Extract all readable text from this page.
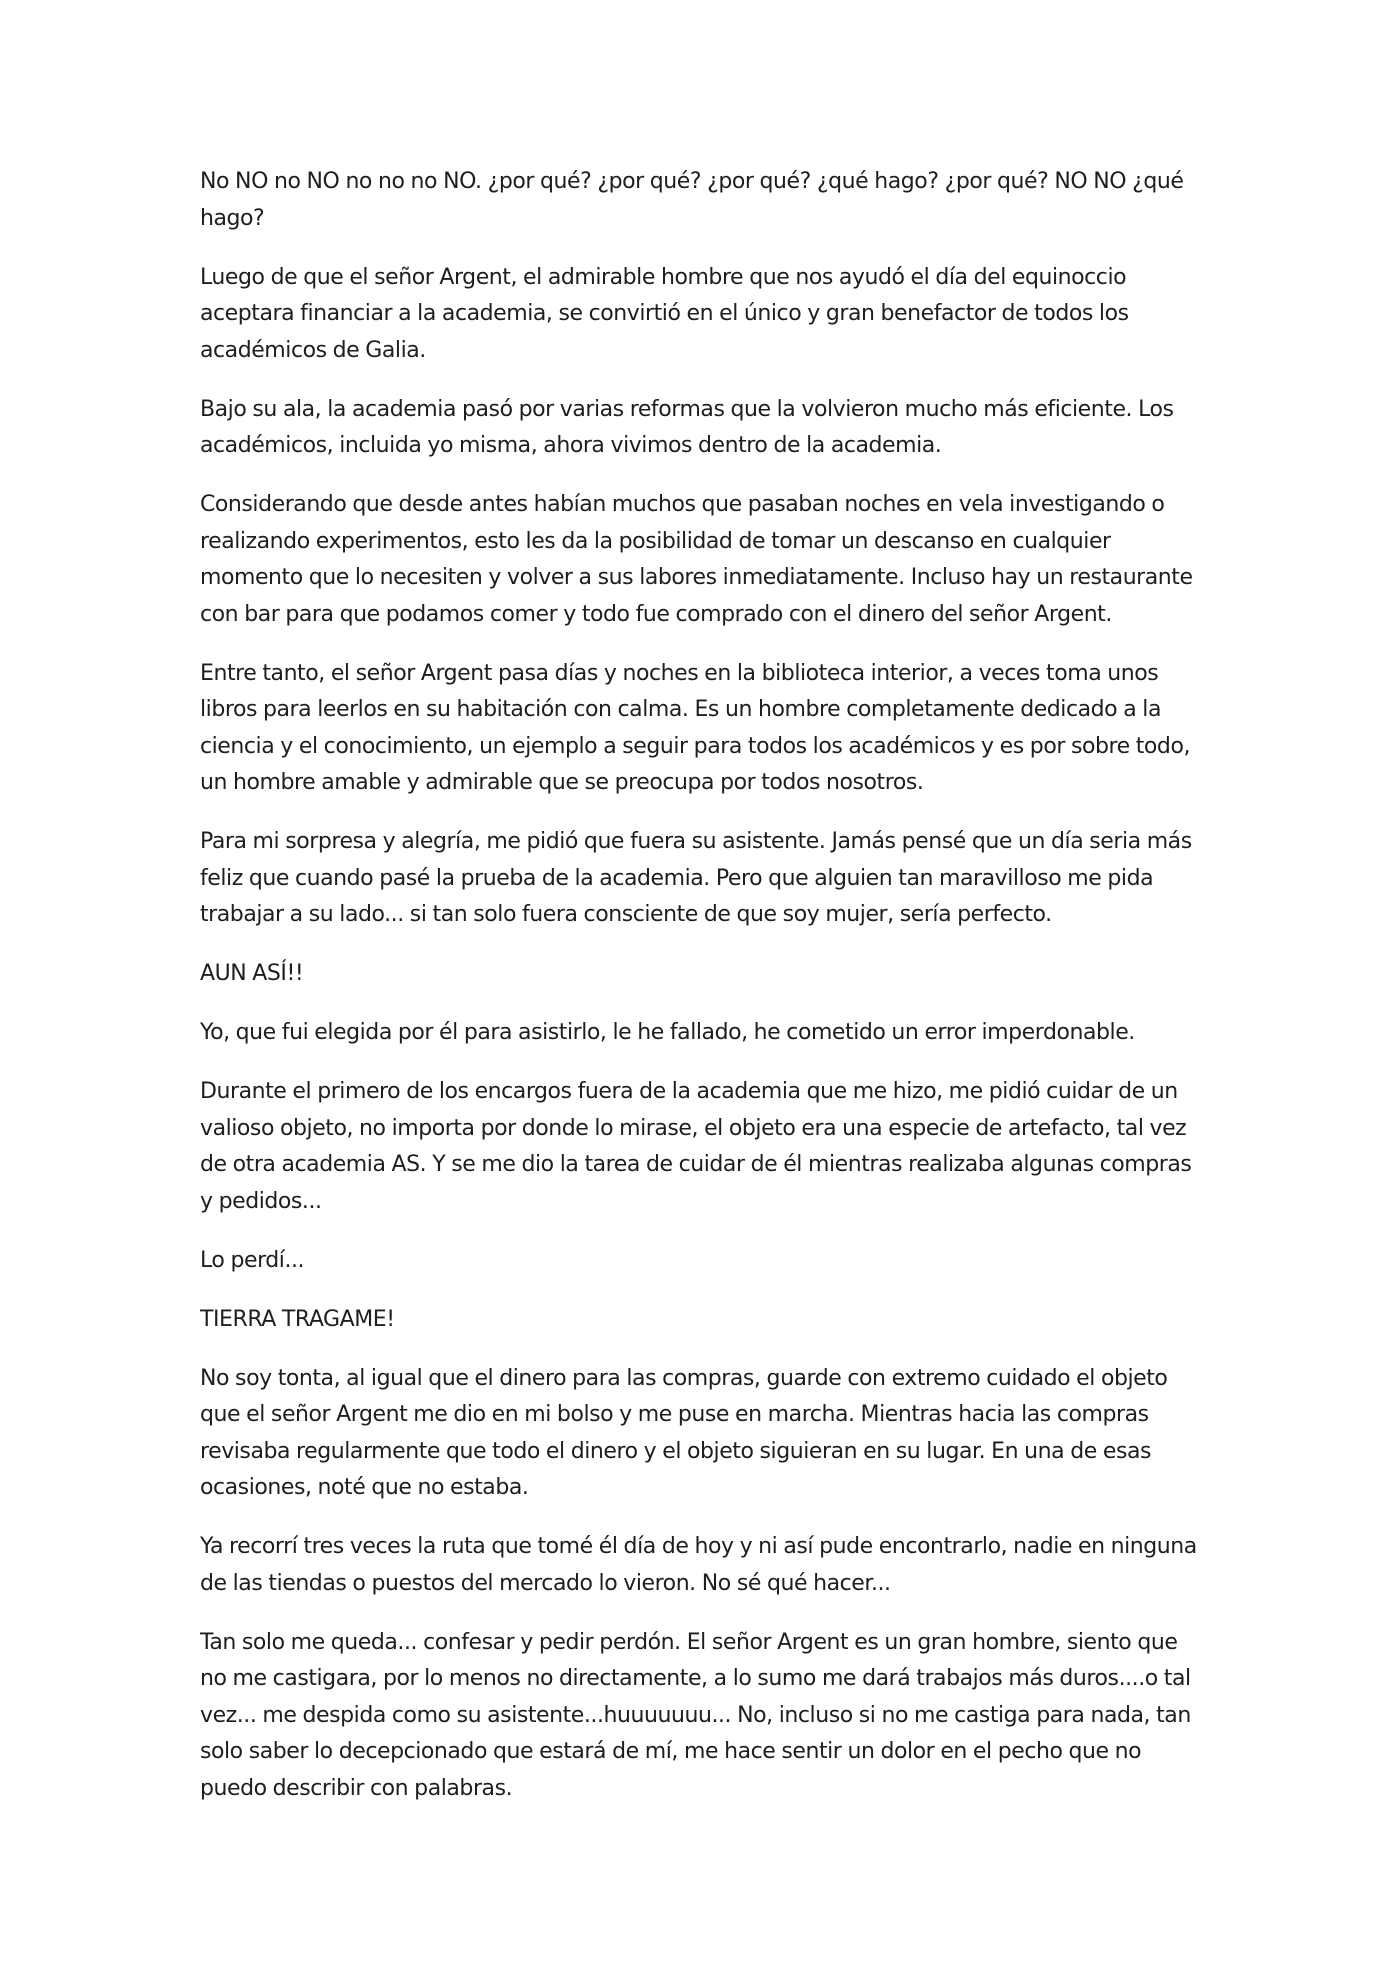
No NO no NO no no no NO. ¿por qué? ¿por qué? ¿por qué? ¿qué hago? ¿por qué? NO NO ¿qué hago?

Luego de que el señor Argent, el admirable hombre que nos ayudó el día del equinoccio aceptara financiar a la academia, se convirtió en el único y gran benefactor de todos los académicos de Galia.

Bajo su ala, la academia pasó por varias reformas que la volvieron mucho más eficiente. Los académicos, incluida yo misma, ahora vivimos dentro de la academia.

Considerando que desde antes habían muchos que pasaban noches en vela investigando o realizando experimentos, esto les da la posibilidad de tomar un descanso en cualquier momento que lo necesiten y volver a sus labores inmediatamente. Incluso hay un restaurante con bar para que podamos comer y todo fue comprado con el dinero del señor Argent.

Entre tanto, el señor Argent pasa días y noches en la biblioteca interior, a veces toma unos libros para leerlos en su habitación con calma. Es un hombre completamente dedicado a la ciencia y el conocimiento, un ejemplo a seguir para todos los académicos y es por sobre todo, un hombre amable y admirable que se preocupa por todos nosotros.

Para mi sorpresa y alegría, me pidió que fuera su asistente. Jamás pensé que un día seria más feliz que cuando pasé la prueba de la academia. Pero que alguien tan maravilloso me pida trabajar a su lado... si tan solo fuera consciente de que soy mujer, sería perfecto.

AUN ASÍ!!

Yo, que fui elegida por él para asistirlo, le he fallado, he cometido un error imperdonable.

Durante el primero de los encargos fuera de la academia que me hizo, me pidió cuidar de un valioso objeto, no importa por donde lo mirase, el objeto era una especie de artefacto, tal vez de otra academia AS. Y se me dio la tarea de cuidar de él mientras realizaba algunas compras y pedidos...

Lo perdí...

TIERRA TRAGAME!

No soy tonta, al igual que el dinero para las compras, guarde con extremo cuidado el objeto que el señor Argent me dio en mi bolso y me puse en marcha. Mientras hacia las compras revisaba regularmente que todo el dinero y el objeto siguieran en su lugar. En una de esas ocasiones, noté que no estaba.

Ya recorrí tres veces la ruta que tomé él día de hoy y ni así pude encontrarlo, nadie en ninguna de las tiendas o puestos del mercado lo vieron. No sé qué hacer...

Tan solo me queda... confesar y pedir perdón. El señor Argent es un gran hombre, siento que no me castigara, por lo menos no directamente, a lo sumo me dará trabajos más duros....o tal vez... me despida como su asistente...huuuuuuu... No, incluso si no me castiga para nada, tan solo saber lo decepcionado que estará de mí, me hace sentir un dolor en el pecho que no puedo describir con palabras.
